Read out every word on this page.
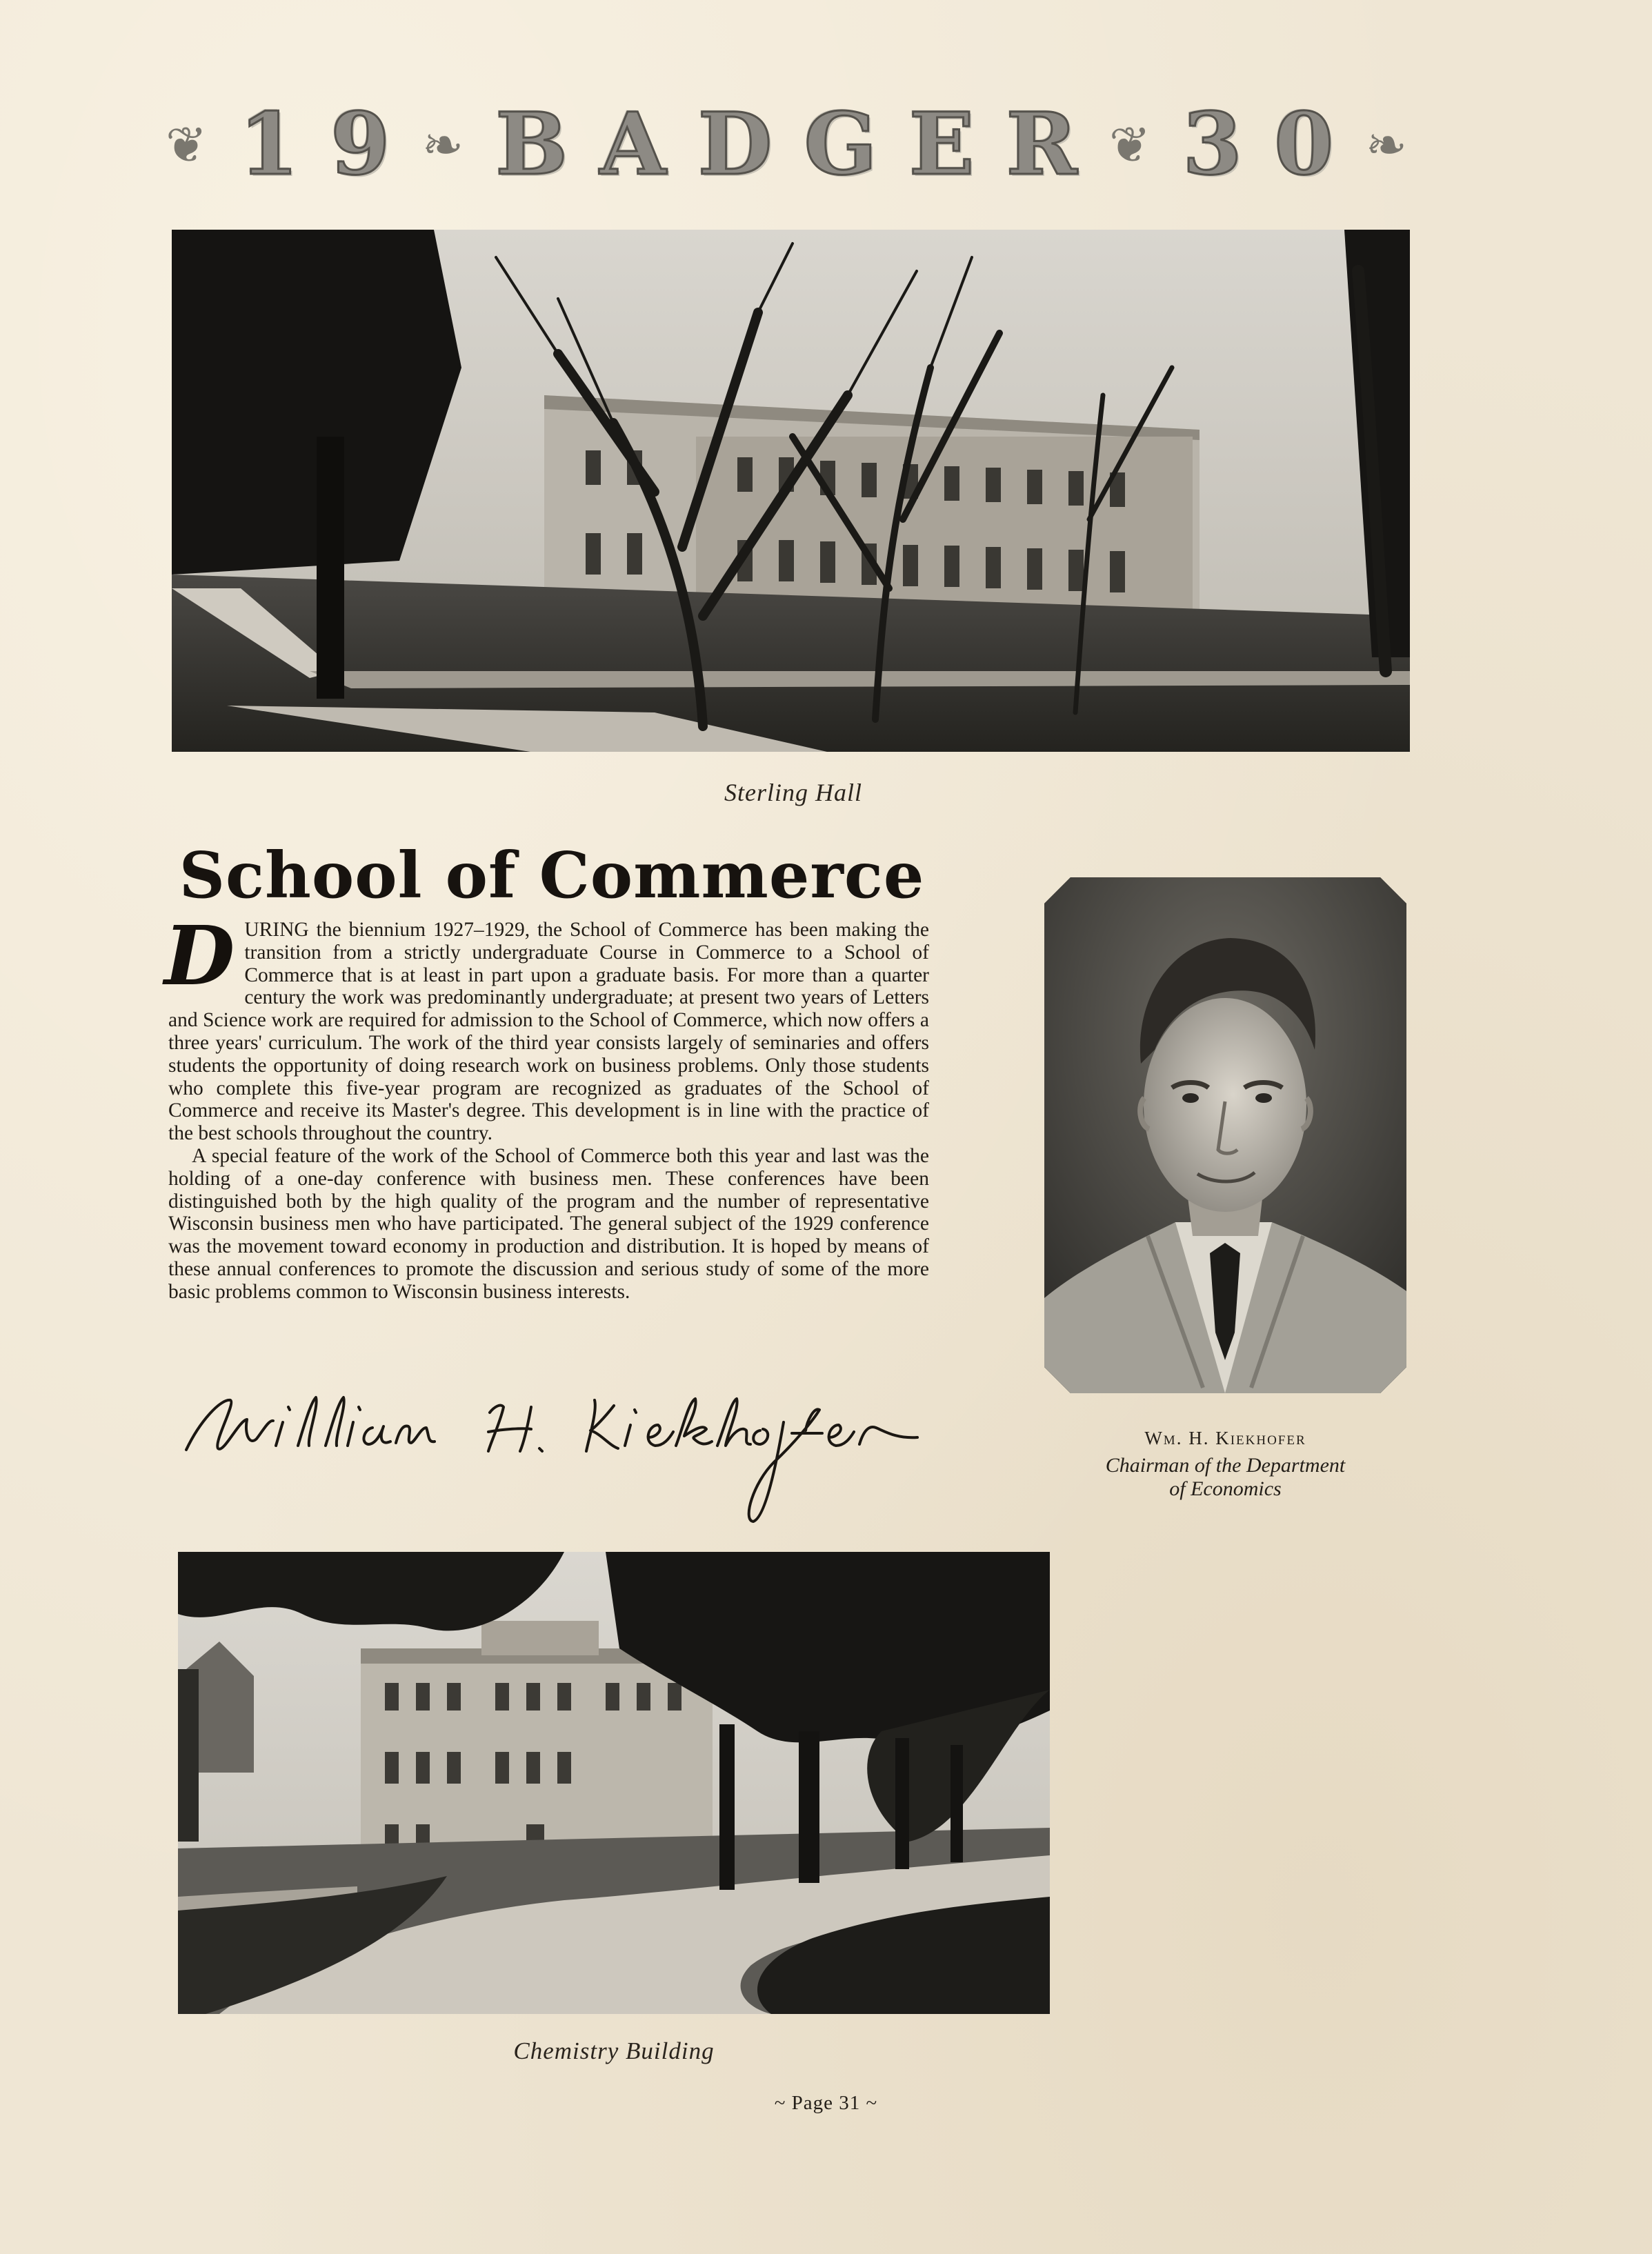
❦ 1 9 ❧ B A D G E R ❦ 3 0 ❧
Sterling Hall
School of Commerce

DURING the biennium 1927–1929, the School of Commerce has been making the transition from a strictly undergraduate Course in Commerce to a School of Commerce that is at least in part upon a graduate basis. For more than a quarter century the work was predominantly undergraduate; at present two years of Letters and Science work are required for admission to the School of Commerce, which now offers a three years' curriculum. The work of the third year consists largely of seminaries and offers students the opportunity of doing research work on business problems. Only those students who complete this five-year program are recognized as graduates of the School of Commerce and receive its Master's degree. This development is in line with the practice of the best schools throughout the country.

A special feature of the work of the School of Commerce both this year and last was the holding of a one-day conference with business men. These conferences have been distinguished both by the high quality of the program and the number of representative Wisconsin business men who have participated. The general subject of the 1929 conference was the movement toward economy in production and distribution. It is hoped by means of these annual conferences to promote the discussion and serious study of some of the more basic problems common to Wisconsin business interests.

Wm. H. Kiekhofer
Chairman of the Department
of Economics
Chemistry Building
~ Page 31 ~
